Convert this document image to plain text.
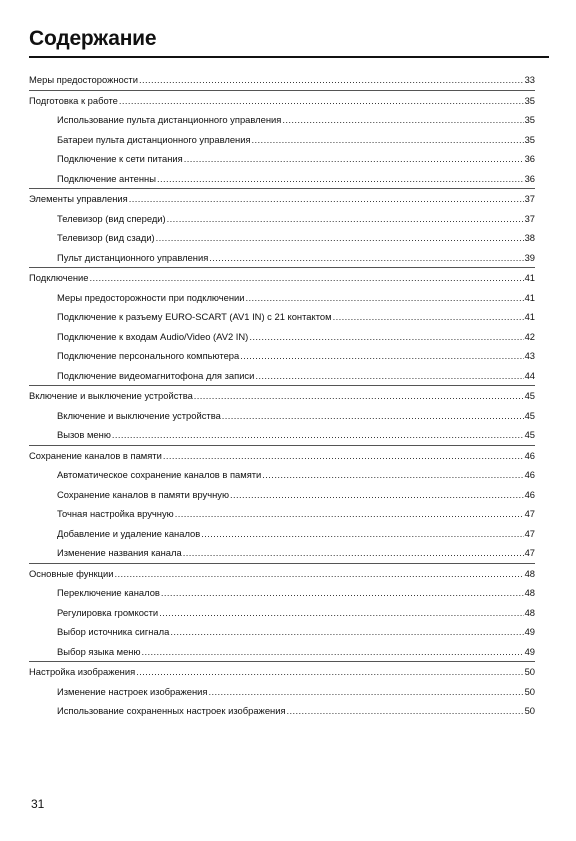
Содержание
Меры предосторожности .....	33
Подготовка к работе .....	35
Использование пульта дистанционного управления .....	35
Батареи пульта дистанционного управления .....	35
Подключение к сети питания .....	36
Подключение антенны .....	36
Элементы управления .....	37
Телевизор (вид спереди) .....	37
Телевизор (вид сзади) .....	38
Пульт дистанционного управления .....	39
Подключение .....	41
Меры предосторожности при подключении .....	41
Подключение к разъему EURO-SCART (AV1 IN) с 21 контактом .....	41
Подключение к входам Audio/Video (AV2 IN) .....	42
Подключение персонального компьютера .....	43
Подключение видеомагнитофона для записи .....	44
Включение и выключение устройства .....	45
Включение и выключение устройства .....	45
Вызов меню .....	45
Сохранение каналов в памяти .....	46
Автоматическое сохранение каналов в памяти .....	46
Сохранение каналов в памяти вручную .....	46
Точная настройка вручную .....	47
Добавление и удаление каналов .....	47
Изменение названия канала .....	47
Основные функции .....	48
Переключение каналов .....	48
Регулировка громкости .....	48
Выбор источника сигнала .....	49
Выбор языка меню .....	49
Настройка изображения .....	50
Изменение настроек изображения .....	50
Использование сохраненных настроек изображения .....	50
31
